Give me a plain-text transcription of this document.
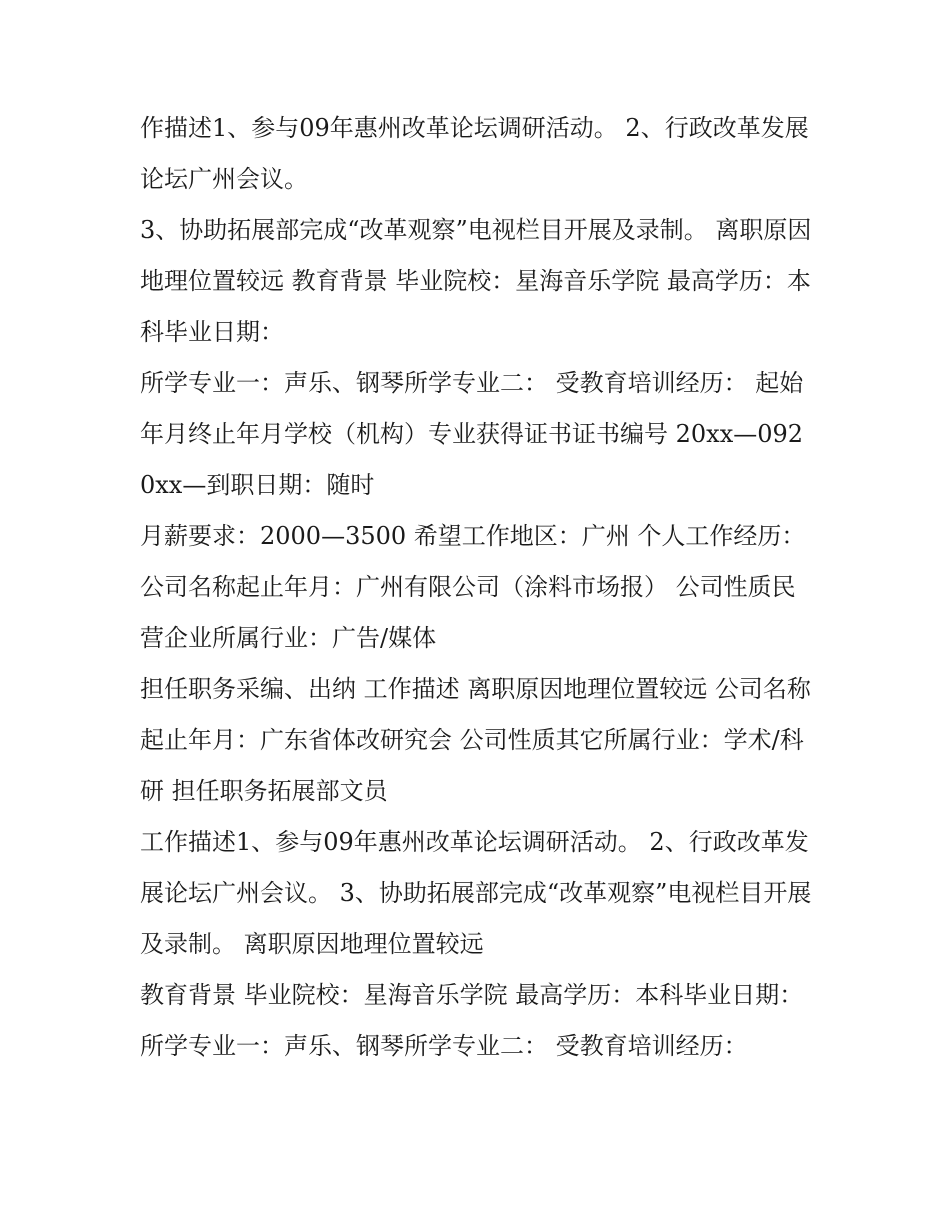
作描述1、参与09年惠州改革论坛调研活动。 2、行政改革发展论坛广州会议。

3、协助拓展部完成“改革观察”电视栏目开展及录制。 离职原因地理位置较远 教育背景 毕业院校：星海音乐学院 最高学历：本科毕业日期：

所学专业一：声乐、钢琴所学专业二： 受教育培训经历： 起始年月终止年月学校（机构）专业获得证书证书编号 20xx—0920xx—到职日期：随时

月薪要求：2000—3500 希望工作地区：广州 个人工作经历：公司名称起止年月：广州有限公司（涂料市场报） 公司性质民营企业所属行业：广告/媒体

担任职务采编、出纳 工作描述 离职原因地理位置较远 公司名称起止年月：广东省体改研究会 公司性质其它所属行业：学术/科研 担任职务拓展部文员

工作描述1、参与09年惠州改革论坛调研活动。 2、行政改革发展论坛广州会议。 3、协助拓展部完成“改革观察”电视栏目开展及录制。 离职原因地理位置较远

教育背景 毕业院校：星海音乐学院 最高学历：本科毕业日期： 所学专业一：声乐、钢琴所学专业二： 受教育培训经历：
